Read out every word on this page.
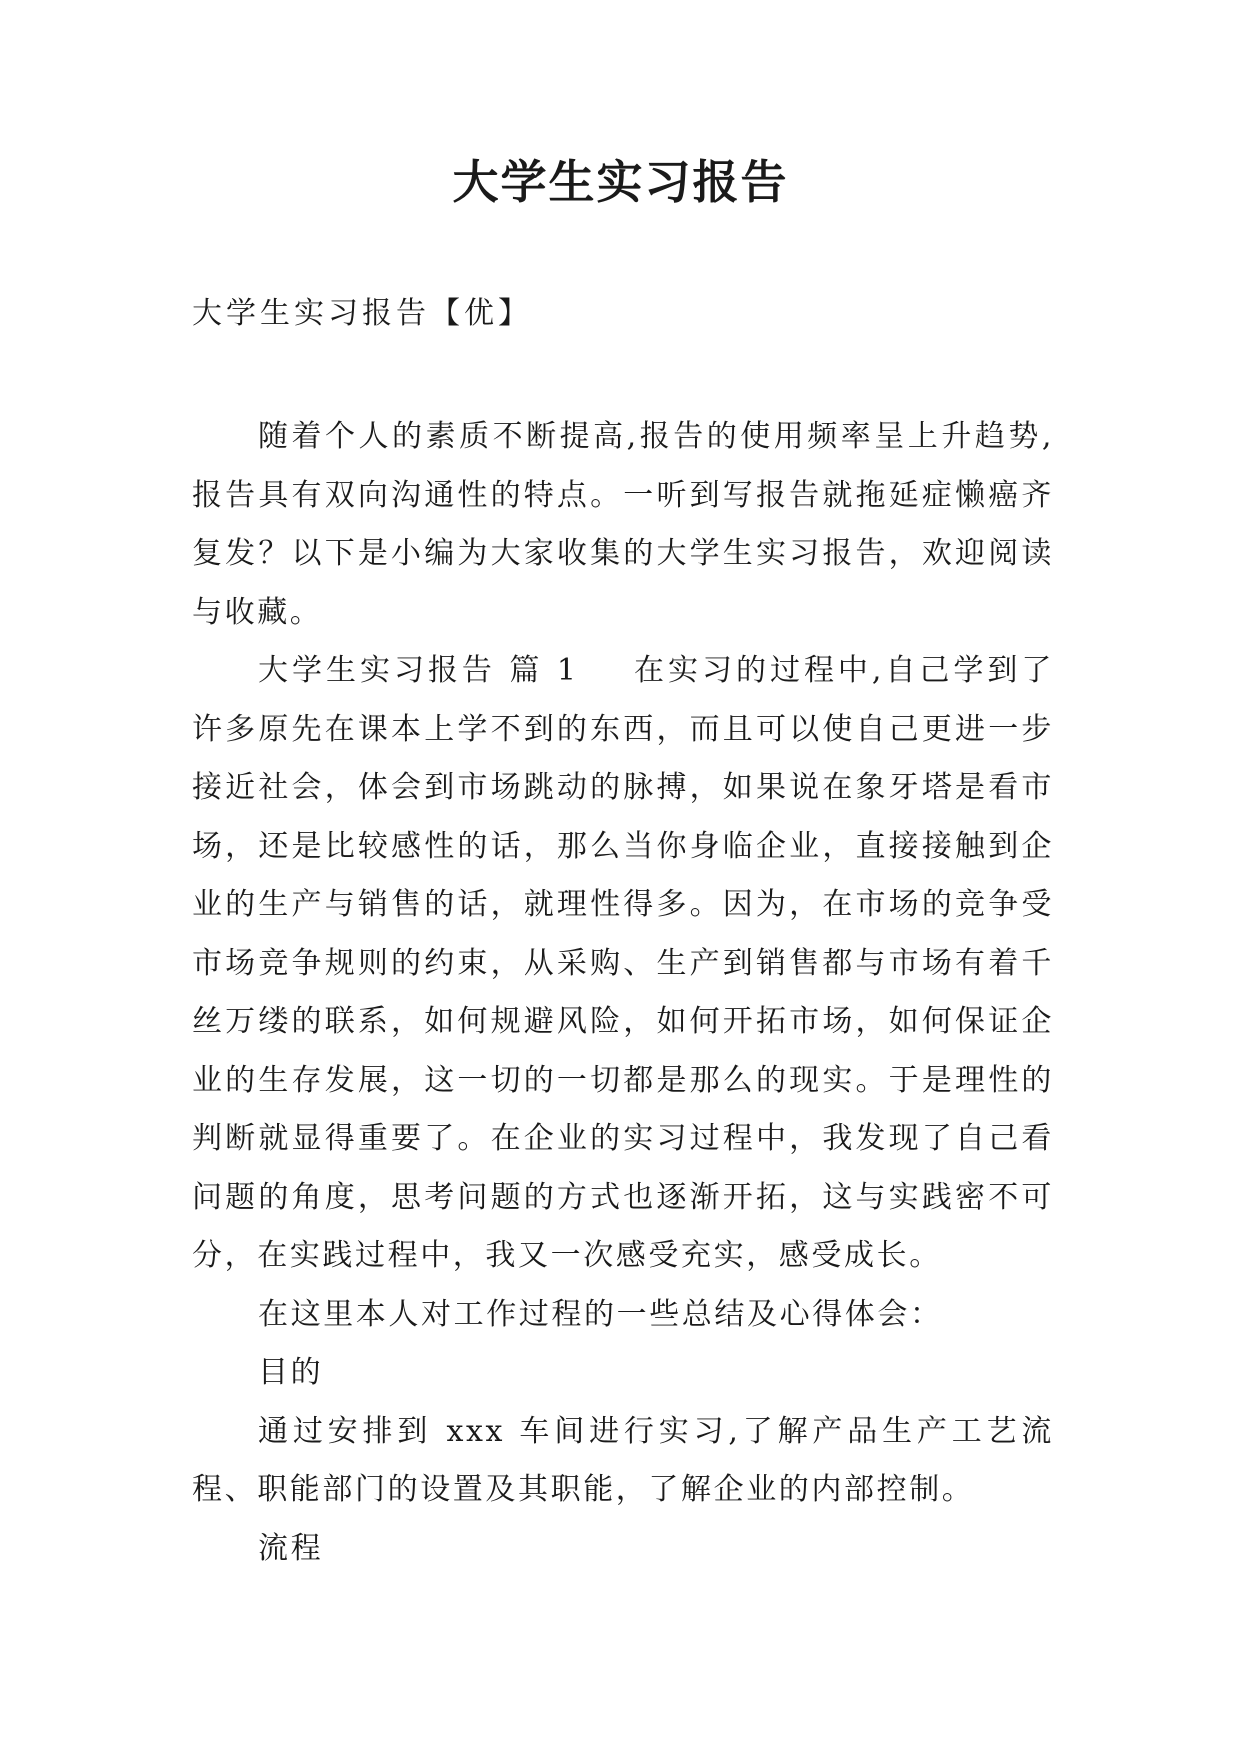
大学生实习报告

大学生实习报告【优】

随着个人的素质不断提高,报告的使用频率呈上升趋势,报告具有双向沟通性的特点。一听到写报告就拖延症懒癌齐复发？以下是小编为大家收集的大学生实习报告，欢迎阅读与收藏。

大学生实习报告 篇 1 在实习的过程中,自己学到了许多原先在课本上学不到的东西，而且可以使自己更进一步接近社会，体会到市场跳动的脉搏，如果说在象牙塔是看市场，还是比较感性的话，那么当你身临企业，直接接触到企业的生产与销售的话，就理性得多。因为，在市场的竞争受市场竞争规则的约束，从采购、生产到销售都与市场有着千丝万缕的联系，如何规避风险，如何开拓市场，如何保证企业的生存发展，这一切的一切都是那么的现实。于是理性的判断就显得重要了。在企业的实习过程中，我发现了自己看问题的角度，思考问题的方式也逐渐开拓，这与实践密不可分，在实践过程中，我又一次感受充实，感受成长。

在这里本人对工作过程的一些总结及心得体会：

目的

通过安排到 xxx 车间进行实习,了解产品生产工艺流程、职能部门的设置及其职能，了解企业的内部控制。

流程
